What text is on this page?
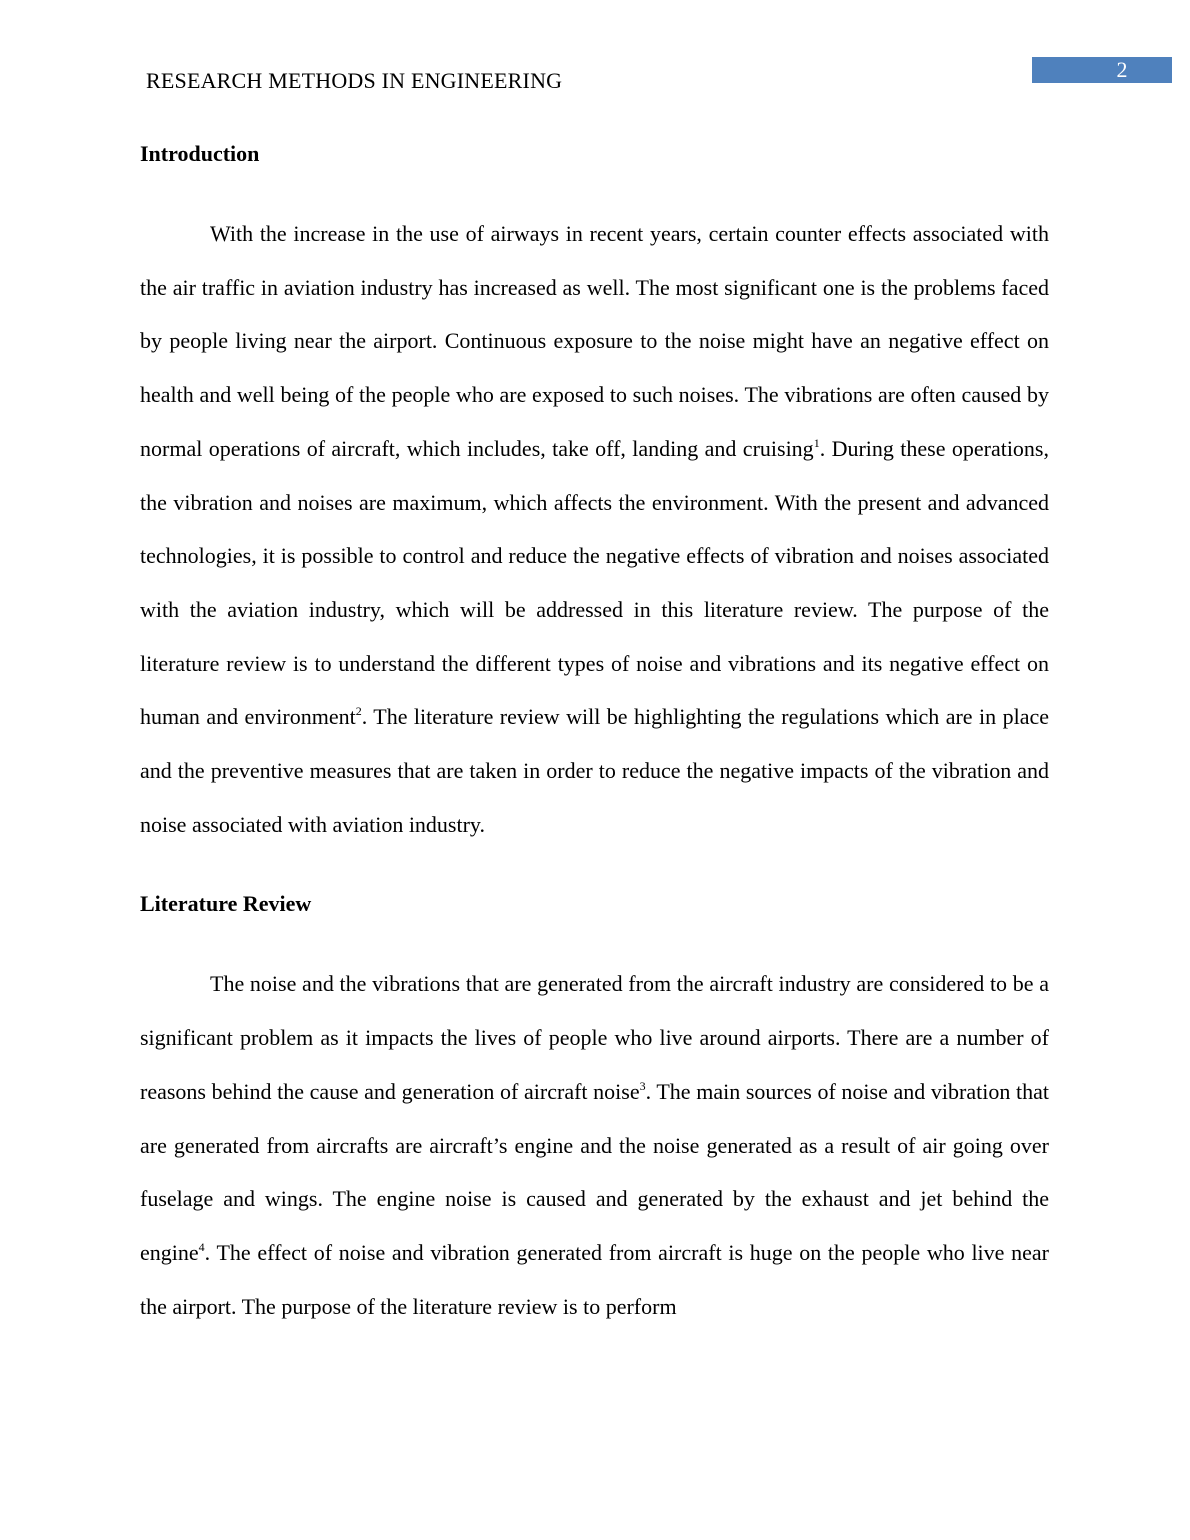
RESEARCH METHODS IN ENGINEERING	2
Introduction

With the increase in the use of airways in recent years, certain counter effects associated with the air traffic in aviation industry has increased as well. The most significant one is the problems faced by people living near the airport. Continuous exposure to the noise might have an negative effect on health and well being of the people who are exposed to such noises. The vibrations are often caused by normal operations of aircraft, which includes, take off, landing and cruising$^1$. During these operations, the vibration and noises are maximum, which affects the environment. With the present and advanced technologies, it is possible to control and reduce the negative effects of vibration and noises associated with the aviation industry, which will be addressed in this literature review. The purpose of the literature review is to understand the different types of noise and vibrations and its negative effect on human and environment$^2$. The literature review will be highlighting the regulations which are in place and the preventive measures that are taken in order to reduce the negative impacts of the vibration and noise associated with aviation industry.

Literature Review

The noise and the vibrations that are generated from the aircraft industry are considered to be a significant problem as it impacts the lives of people who live around airports. There are a number of reasons behind the cause and generation of aircraft noise$^3$. The main sources of noise and vibration that are generated from aircrafts are aircraft’s engine and the noise generated as a result of air going over fuselage and wings. The engine noise is caused and generated by the exhaust and jet behind the engine$^4$. The effect of noise and vibration generated from aircraft is huge on the people who live near the airport. The purpose of the literature review is to perform
